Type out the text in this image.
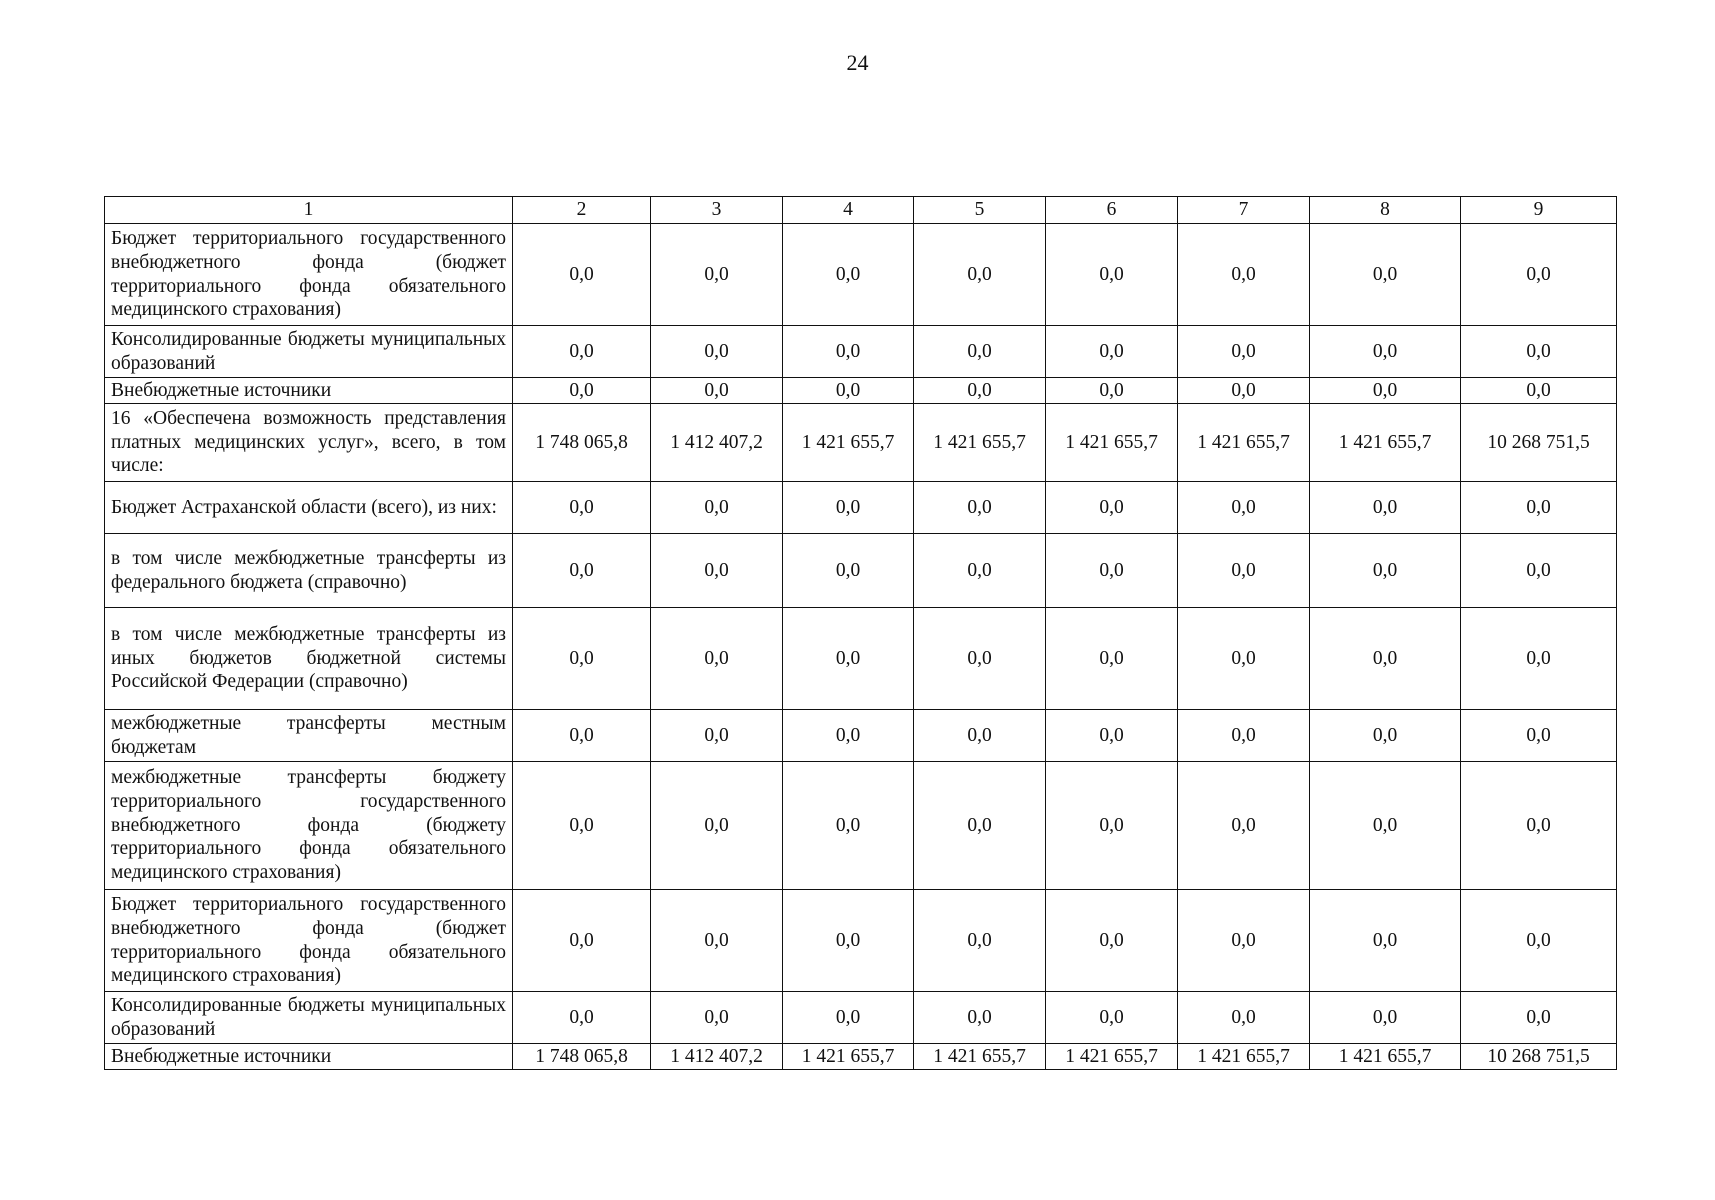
24
1	2	3	4	5	6	7	8	9
Бюджет территориального государственного внебюджетного фонда (бюджет территориального фонда обязательного медицинского страхования)	0,0	0,0	0,0	0,0	0,0	0,0	0,0	0,0
Консолидированные бюджеты муниципальных образований	0,0	0,0	0,0	0,0	0,0	0,0	0,0	0,0
Внебюджетные источники	0,0	0,0	0,0	0,0	0,0	0,0	0,0	0,0
16 «Обеспечена возможность представления платных медицинских услуг», всего, в том числе:	1 748 065,8	1 412 407,2	1 421 655,7	1 421 655,7	1 421 655,7	1 421 655,7	1 421 655,7	10 268 751,5
Бюджет Астраханской области (всего), из них:	0,0	0,0	0,0	0,0	0,0	0,0	0,0	0,0
в том числе межбюджетные трансферты из федерального бюджета (справочно)	0,0	0,0	0,0	0,0	0,0	0,0	0,0	0,0
в том числе межбюджетные трансферты из иных бюджетов бюджетной системы Российской Федерации (справочно)	0,0	0,0	0,0	0,0	0,0	0,0	0,0	0,0
межбюджетные трансферты местным бюджетам	0,0	0,0	0,0	0,0	0,0	0,0	0,0	0,0
межбюджетные трансферты бюджету территориального государственного внебюджетного фонда (бюджету территориального фонда обязательного медицинского страхования)	0,0	0,0	0,0	0,0	0,0	0,0	0,0	0,0
Бюджет территориального государственного внебюджетного фонда (бюджет территориального фонда обязательного медицинского страхования)	0,0	0,0	0,0	0,0	0,0	0,0	0,0	0,0
Консолидированные бюджеты муниципальных образований	0,0	0,0	0,0	0,0	0,0	0,0	0,0	0,0
Внебюджетные источники	1 748 065,8	1 412 407,2	1 421 655,7	1 421 655,7	1 421 655,7	1 421 655,7	1 421 655,7	10 268 751,5
